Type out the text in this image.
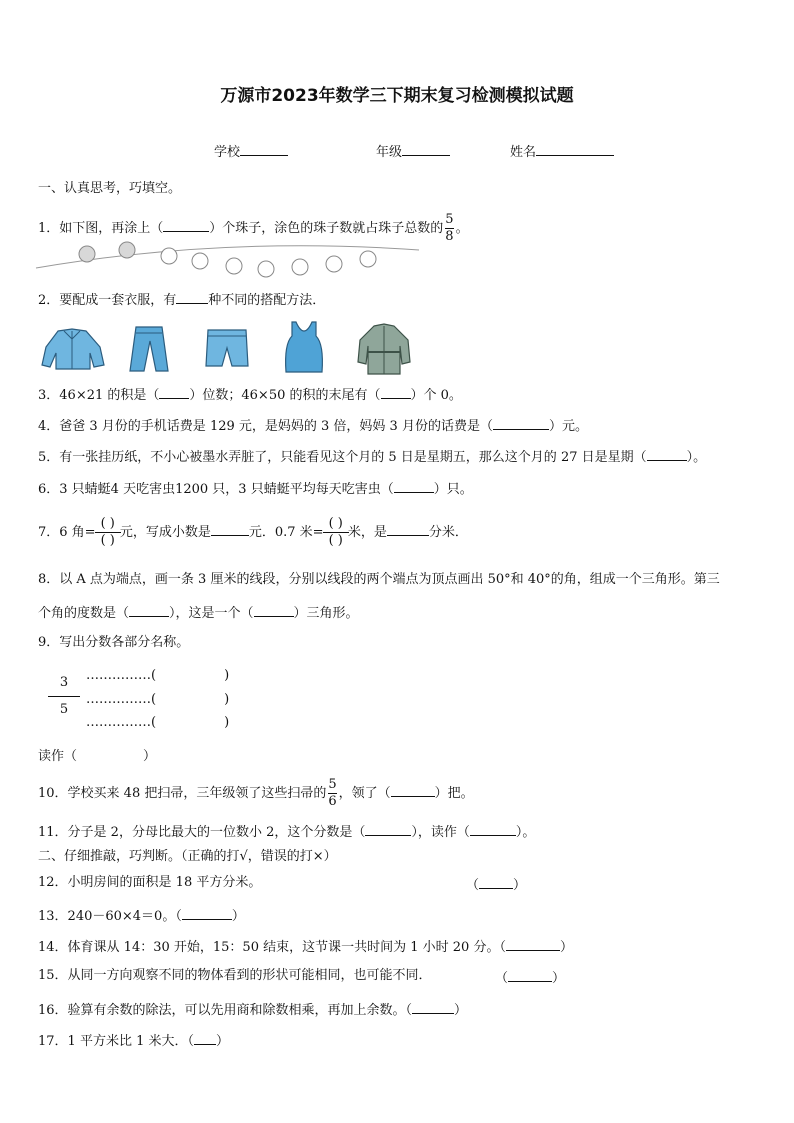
万源市2023年数学三下期末复习检测模拟试题
学校	年级	姓名
一、认真思考，巧填空。
1．如下图，再涂上（	）个珠子，涂色的珠子数就占珠子总数的 $\frac{5}{8}$ 。
2．要配成一套衣服，有 种不同的搭配方法．
3．46×21 的积是（ ）位数；46×50 的积的末尾有（ ）个 0。
4．爸爸 3 月份的手机话费是 129 元，是妈妈的 3 倍，妈妈 3 月份的话费是（	）元。
5．有一张挂历纸，不小心被墨水弄脏了，只能看见这个月的 5 日是星期五，那么这个月的 27 日是星期（	）。
6．3 只蜻蜓4 天吃害虫1200 只，3 只蜻蜓平均每天吃害虫（	）只。
7．6 角= $\frac{( )}{( )}$ 元，写成小数是	元．0.7 米= $\frac{( )}{( )}$ 米，是	分米．
8．以 A 点为端点，画一条 3 厘米的线段，分别以线段的两个端点为顶点画出 50°和 40°的角，组成一个三角形。第三
个角的度数是（	），这是一个（	）三角形。
9．写出分数各部分名称。
3
5
……………(	)
……………(	)
……………(	)
读作（	）
10．学校买来 48 把扫帚，三年级领了这些扫帚的 $\frac{5}{6}$ ，领了（	）把。
11．分子是 2，分母比最大的一位数小 2，这个分数是（	），读作（	）。
二、仔细推敲，巧判断。（正确的打√，错误的打×）
12．小明房间的面积是 18 平方分米。	（	）
13．240－60×4＝0。（	）
14．体育课从 14：30 开始，15：50 结束，这节课一共时间为 1 小时 20 分。（	）
15．从同一方向观察不同的物体看到的形状可能相同，也可能不同．	（	）
16．验算有余数的除法，可以先用商和除数相乘，再加上余数。（	）
17．1 平方米比 1 米大．（ ）
